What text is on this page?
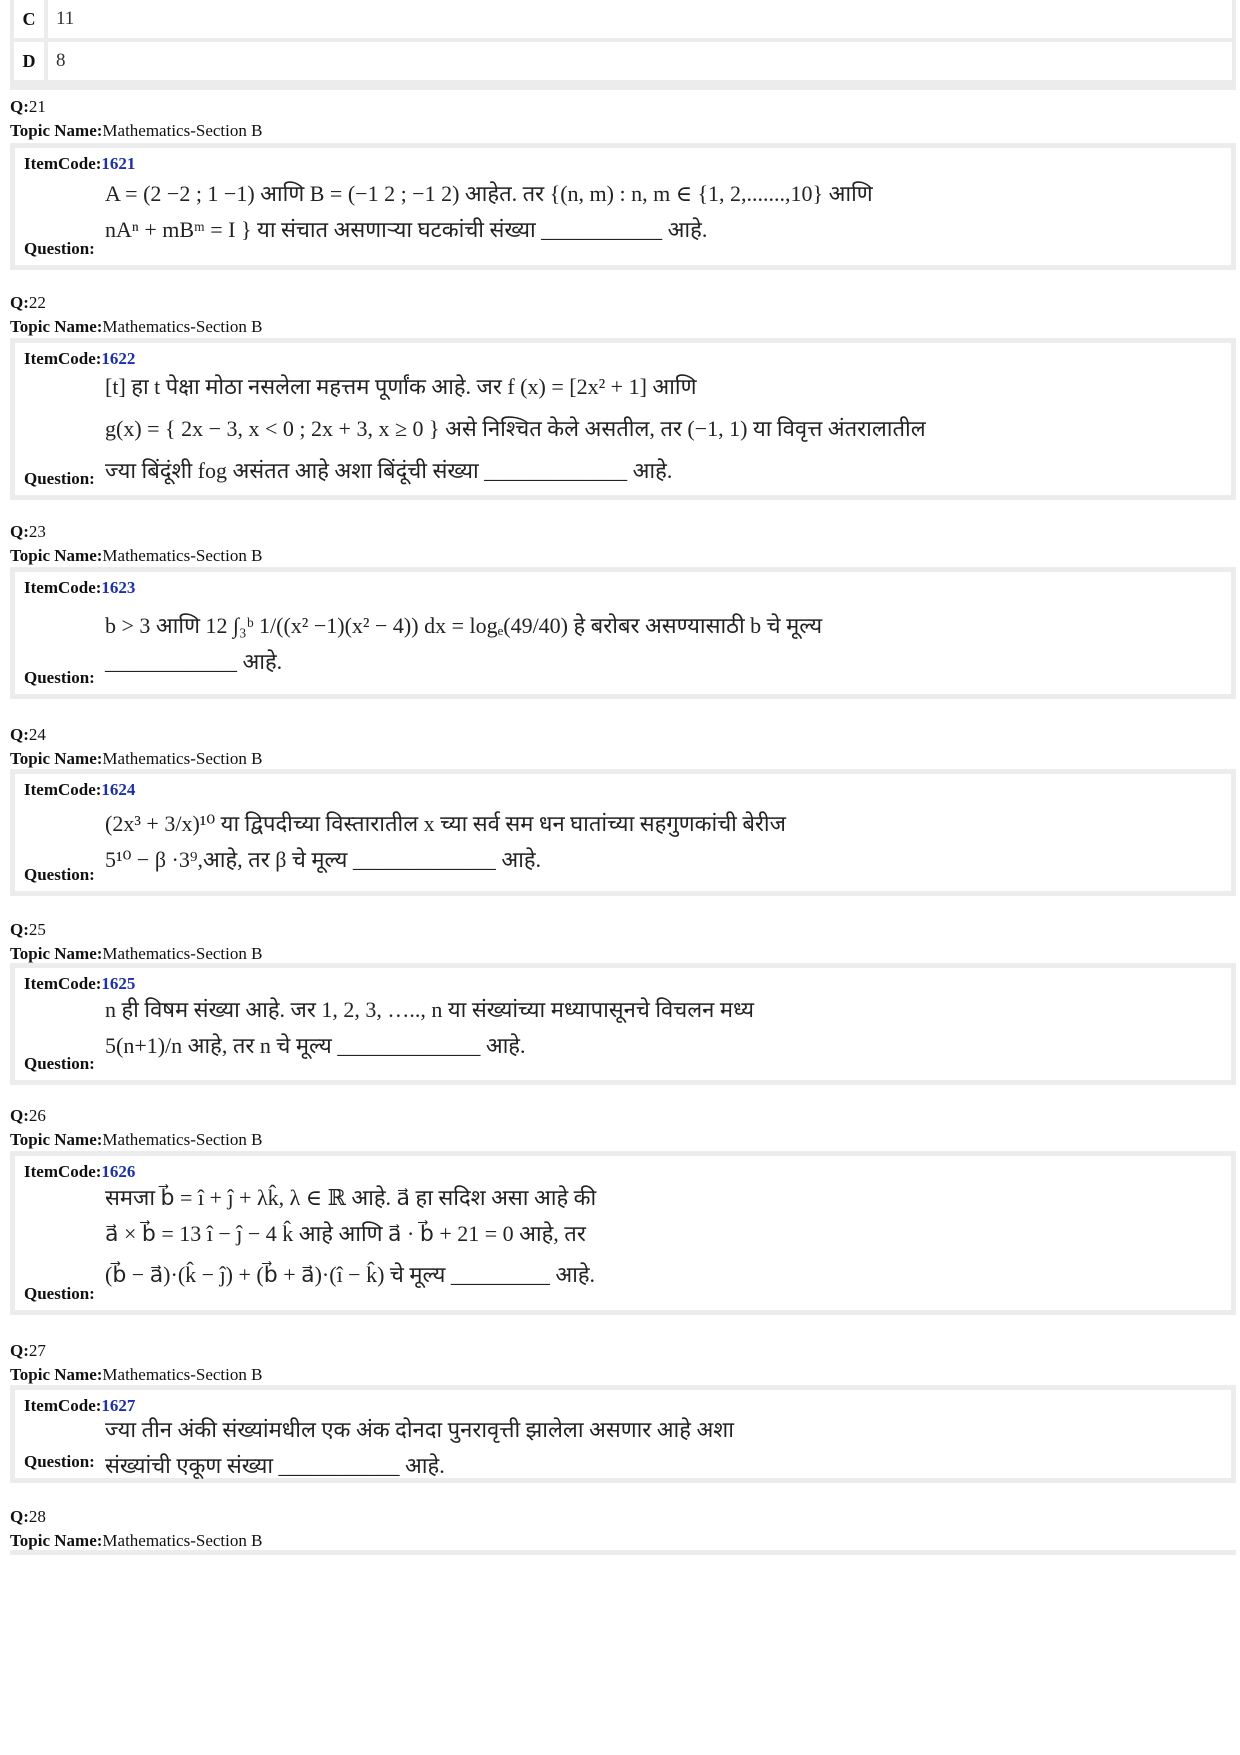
C	11
D	8
Q:21
Topic Name:Mathematics-Section B
ItemCode:1621
A = (2 −2 ; 1 −1) आणि B = (−1 2 ; −1 2) आहेत. तर {(n, m) : n, m ∈ {1, 2,.......,10} आणि
nAⁿ + mBᵐ = I } या संचात असणाऱ्या घटकांची संख्या ___________ आहे.
Question:
Q:22
Topic Name:Mathematics-Section B
ItemCode:1622
[t] हा t पेक्षा मोठा नसलेला महत्तम पूर्णांक आहे. जर f (x) = [2x² + 1] आणि
g(x) = { 2x − 3, x < 0 ; 2x + 3, x ≥ 0 } असे निश्चित केले असतील, तर (−1, 1) या विवृत्त अंतरालातील
ज्या बिंदूंशी fog असंतत आहे अशा बिंदूंची संख्या _____________ आहे.
Question:
Q:23
Topic Name:Mathematics-Section B
ItemCode:1623
b > 3 आणि 12 ∫₃ᵇ 1/((x² −1)(x² − 4)) dx = logₑ(49/40) हे बरोबर असण्यासाठी b चे मूल्य
____________ आहे.
Question:
Q:24
Topic Name:Mathematics-Section B
ItemCode:1624
(2x³ + 3/x)¹⁰ या द्विपदीच्या विस्तारातील x च्या सर्व सम धन घातांच्या सहगुणकांची बेरीज
5¹⁰ − β ·3⁹,आहे, तर β चे मूल्य _____________ आहे.
Question:
Q:25
Topic Name:Mathematics-Section B
ItemCode:1625
n ही विषम संख्या आहे. जर 1, 2, 3, ….., n या संख्यांच्या मध्यापासूनचे विचलन मध्य
5(n+1)/n आहे, तर n चे मूल्य _____________ आहे.
Question:
Q:26
Topic Name:Mathematics-Section B
ItemCode:1626
समजा b⃗ = î + ĵ + λk̂, λ ∈ ℝ आहे. a⃗ हा सदिश असा आहे की
a⃗ × b⃗ = 13 î − ĵ − 4 k̂ आहे आणि a⃗ · b⃗ + 21 = 0 आहे, तर
(b⃗ − a⃗)·(k̂ − ĵ) + (b⃗ + a⃗)·(î − k̂) चे मूल्य _________ आहे.
Question:
Q:27
Topic Name:Mathematics-Section B
ItemCode:1627
ज्या तीन अंकी संख्यांमधील एक अंक दोनदा पुनरावृत्ती झालेला असणार आहे अशा
संख्यांची एकूण संख्या ___________ आहे.
Question:
Q:28
Topic Name:Mathematics-Section B
